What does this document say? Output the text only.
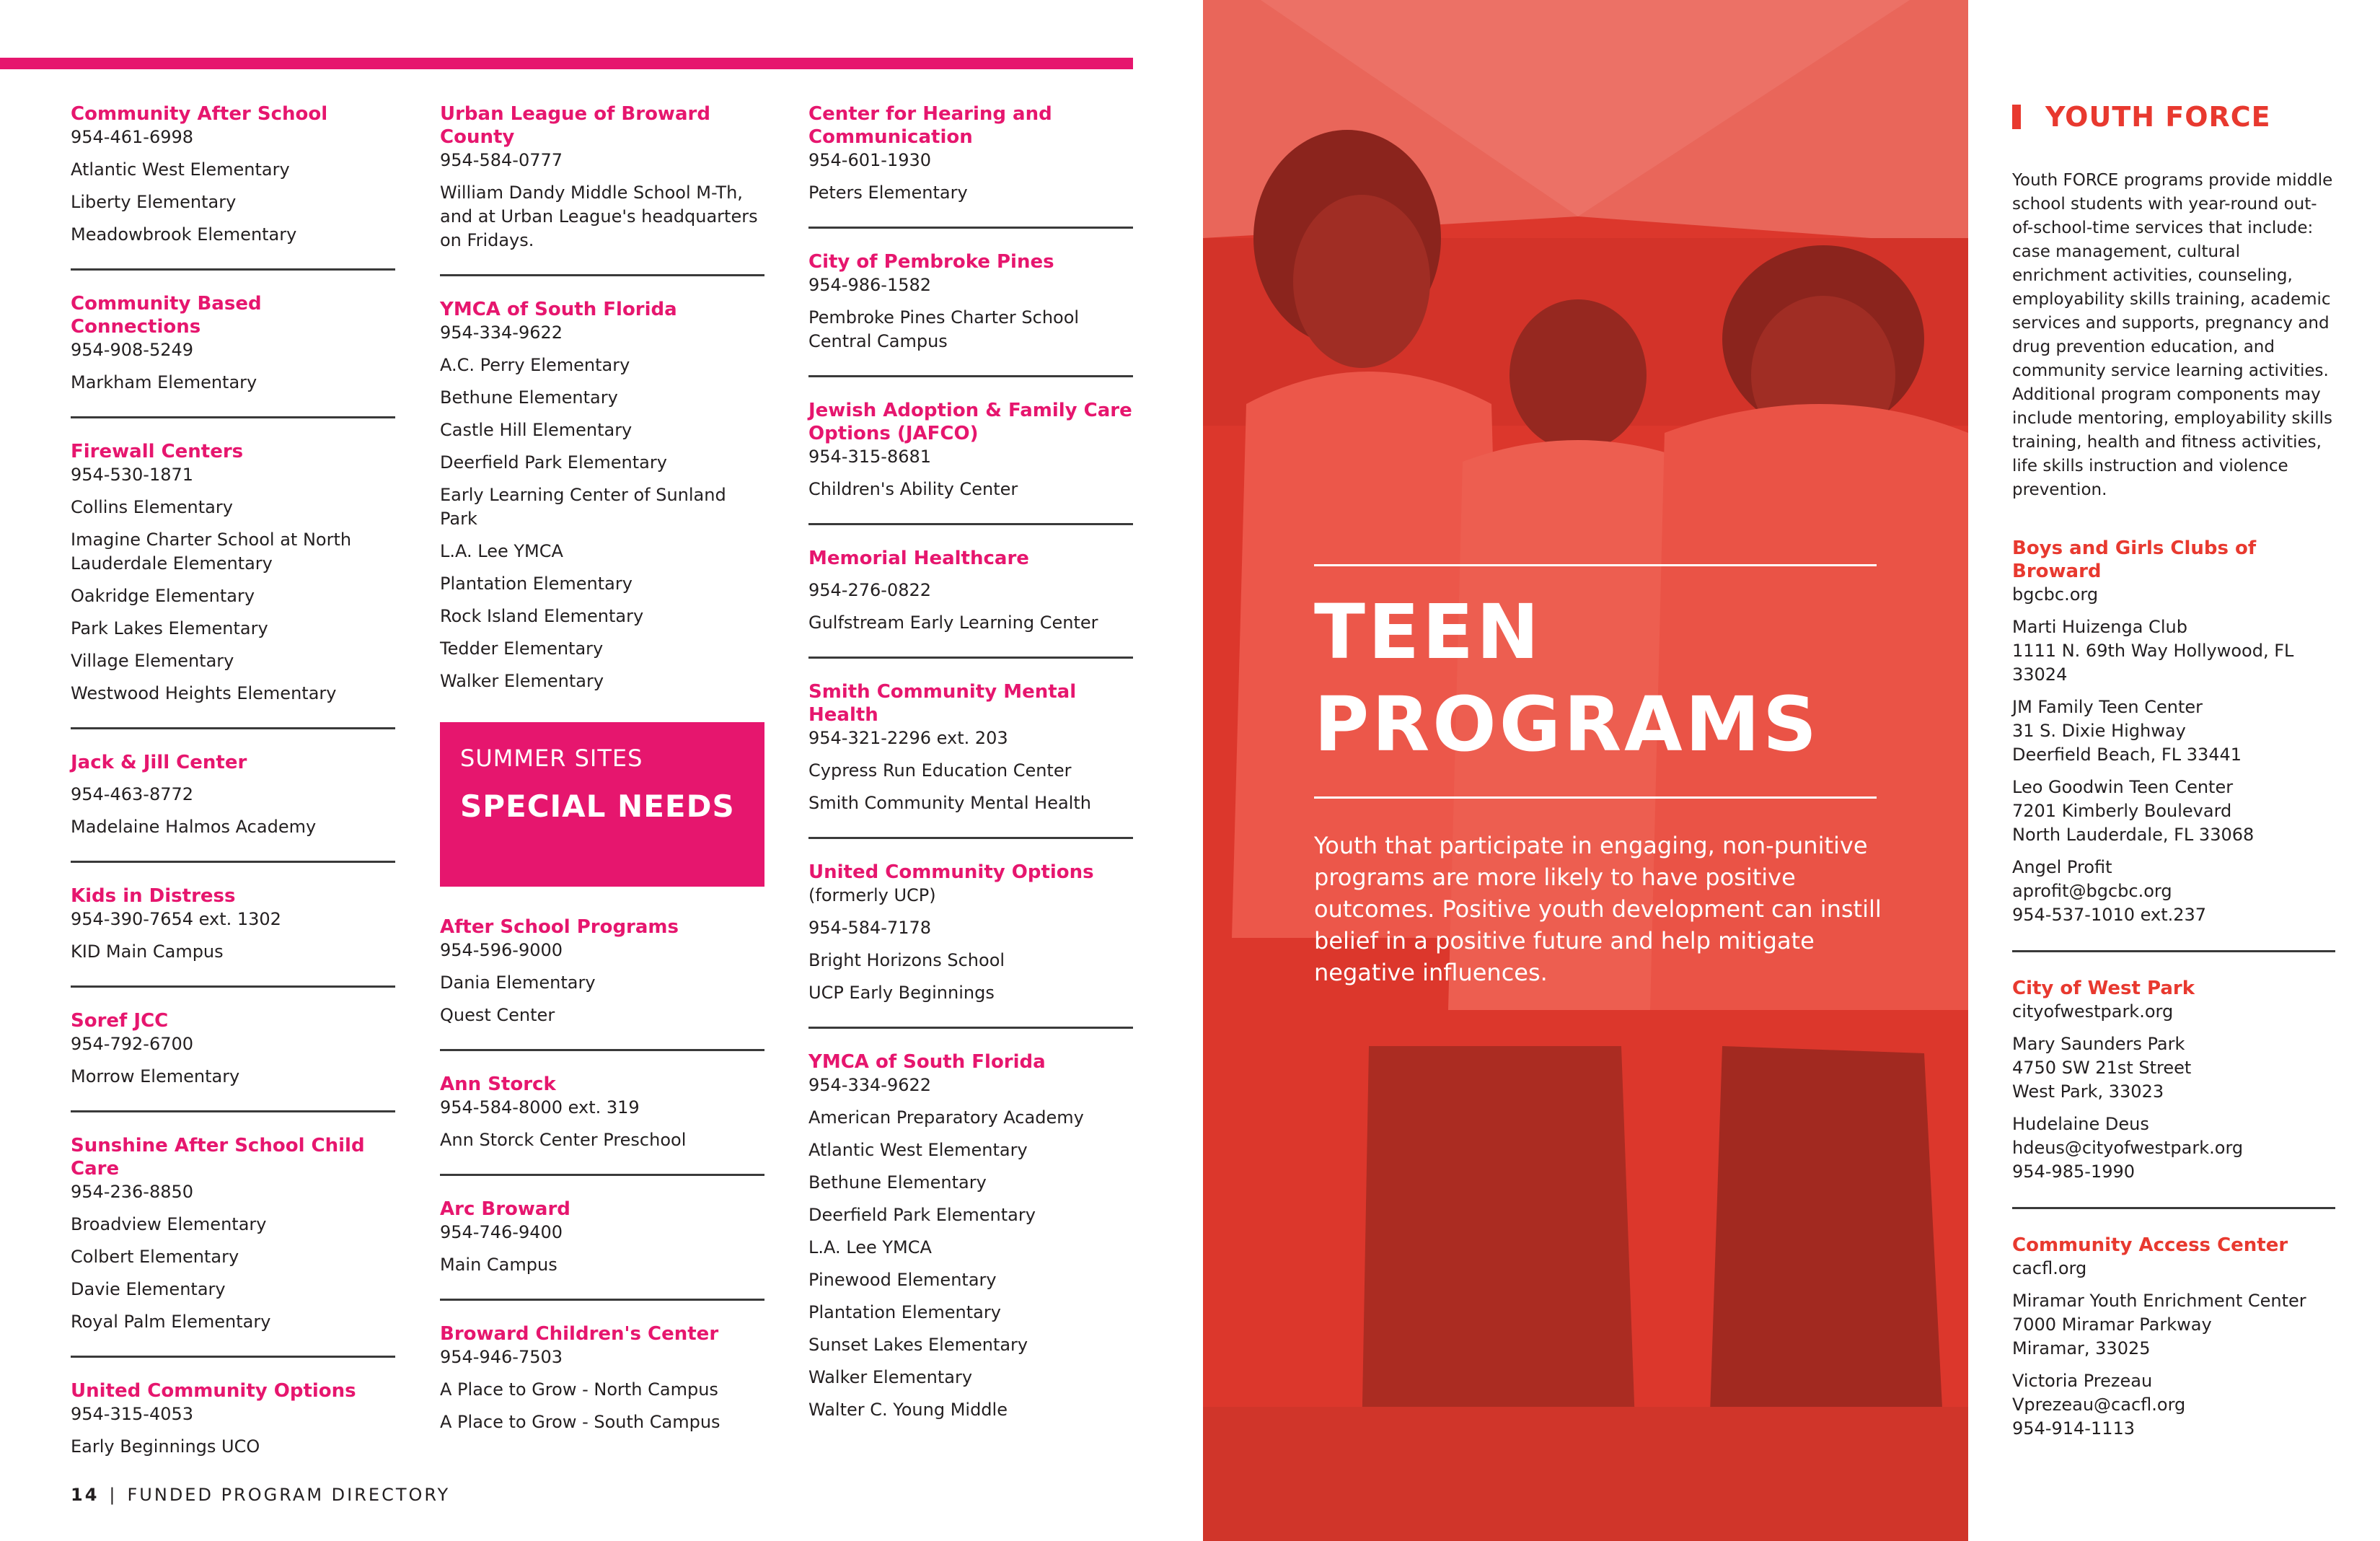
Community After School
954-461-6998
Atlantic West Elementary
Liberty Elementary
Meadowbrook Elementary
Community Based Connections
954-908-5249
Markham Elementary
Firewall Centers
954-530-1871
Collins Elementary
Imagine Charter School at North Lauderdale Elementary
Oakridge Elementary
Park Lakes Elementary
Village Elementary
Westwood Heights Elementary
Jack & Jill Center
954-463-8772
Madelaine Halmos Academy
Kids in Distress
954-390-7654 ext. 1302
KID Main Campus
Soref JCC
954-792-6700
Morrow Elementary
Sunshine After School Child Care
954-236-8850
Broadview Elementary
Colbert Elementary
Davie Elementary
Royal Palm Elementary
United Community Options
954-315-4053
Early Beginnings UCO
Urban League of Broward County
954-584-0777
William Dandy Middle School M-Th, and at Urban League's headquarters on Fridays.
YMCA of South Florida
954-334-9622
A.C. Perry Elementary
Bethune Elementary
Castle Hill Elementary
Deerfield Park Elementary
Early Learning Center of Sunland Park
L.A. Lee YMCA
Plantation Elementary
Rock Island Elementary
Tedder Elementary
Walker Elementary
SUMMER SITES
SPECIAL NEEDS
After School Programs
954-596-9000
Dania Elementary
Quest Center
Ann Storck
954-584-8000 ext. 319
Ann Storck Center Preschool
Arc Broward
954-746-9400
Main Campus
Broward Children's Center
954-946-7503
A Place to Grow - North Campus
A Place to Grow - South Campus
Center for Hearing and Communication
954-601-1930
Peters Elementary
City of Pembroke Pines
954-986-1582
Pembroke Pines Charter School Central Campus
Jewish Adoption & Family Care Options (JAFCO)
954-315-8681
Children's Ability Center
Memorial Healthcare
954-276-0822
Gulfstream Early Learning Center
Smith Community Mental Health
954-321-2296 ext. 203
Cypress Run Education Center
Smith Community Mental Health
United Community Options
(formerly UCP)
954-584-7178
Bright Horizons School
UCP Early Beginnings
YMCA of South Florida
954-334-9622
American Preparatory Academy
Atlantic West Elementary
Bethune Elementary
Deerfield Park Elementary
L.A. Lee YMCA
Pinewood Elementary
Plantation Elementary
Sunset Lakes Elementary
Walker Elementary
Walter C. Young Middle
14 | FUNDED PROGRAM DIRECTORY
TEEN PROGRAMS
Youth that participate in engaging, non-punitive programs are more likely to have positive outcomes. Positive youth development can instill belief in a positive future and help mitigate negative influences.
YOUTH FORCE
Youth FORCE programs provide middle school students with year-round out-of-school-time services that include: case management, cultural enrichment activities, counseling, employability skills training, academic services and supports, pregnancy and drug prevention education, and community service learning activities. Additional program components may include mentoring, employability skills training, health and fitness activities, life skills instruction and violence prevention.
Boys and Girls Clubs of Broward
bgcbc.org
Marti Huizenga Club
1111 N. 69th Way Hollywood, FL 33024
JM Family Teen Center
31 S. Dixie Highway
Deerfield Beach, FL 33441
Leo Goodwin Teen Center
7201 Kimberly Boulevard
North Lauderdale, FL 33068
Angel Profit
aprofit@bgcbc.org
954-537-1010 ext.237
City of West Park
cityofwestpark.org
Mary Saunders Park
4750 SW 21st Street
West Park, 33023
Hudelaine Deus
hdeus@cityofwestpark.org
954-985-1990
Community Access Center
cacfl.org
Miramar Youth Enrichment Center
7000 Miramar Parkway
Miramar, 33025
Victoria Prezeau
Vprezeau@cacfl.org
954-914-1113
